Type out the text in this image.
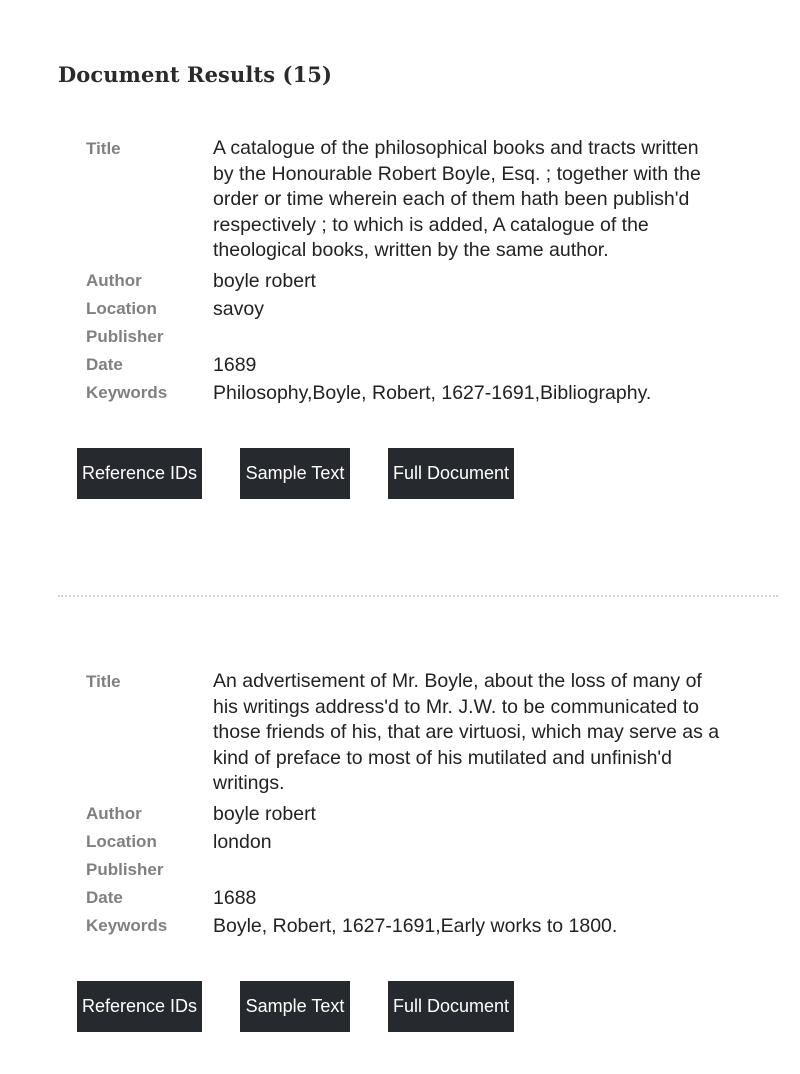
Document Results (15)
Title	A catalogue of the philosophical books and tracts written by the Honourable Robert Boyle, Esq. ; together with the order or time wherein each of them hath been publish'd respectively ; to which is added, A catalogue of the theological books, written by the same author.
Author	boyle robert
Location	savoy
Publisher
Date	1689
Keywords	Philosophy,Boyle, Robert, 1627-1691,Bibliography.
Reference IDs	Sample Text	Full Document
Title	An advertisement of Mr. Boyle, about the loss of many of his writings address'd to Mr. J.W. to be communicated to those friends of his, that are virtuosi, which may serve as a kind of preface to most of his mutilated and unfinish'd writings.
Author	boyle robert
Location	london
Publisher
Date	1688
Keywords	Boyle, Robert, 1627-1691,Early works to 1800.
Reference IDs	Sample Text	Full Document
